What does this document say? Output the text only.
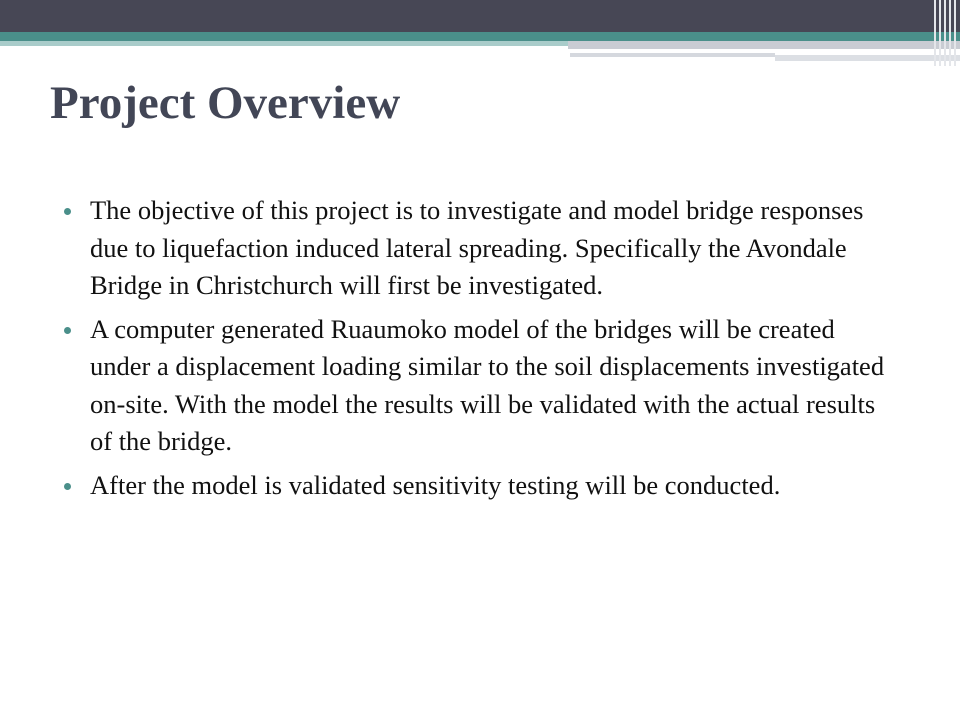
Project Overview
The objective of this project is to investigate and model bridge responses due to liquefaction induced lateral spreading. Specifically the Avondale Bridge in Christchurch will first be investigated.
A computer generated Ruaumoko model of the bridges will be created under a displacement loading similar to the soil displacements investigated on-site. With the model the results will be validated with the actual results of the bridge.
After the model is validated sensitivity testing will be conducted.
